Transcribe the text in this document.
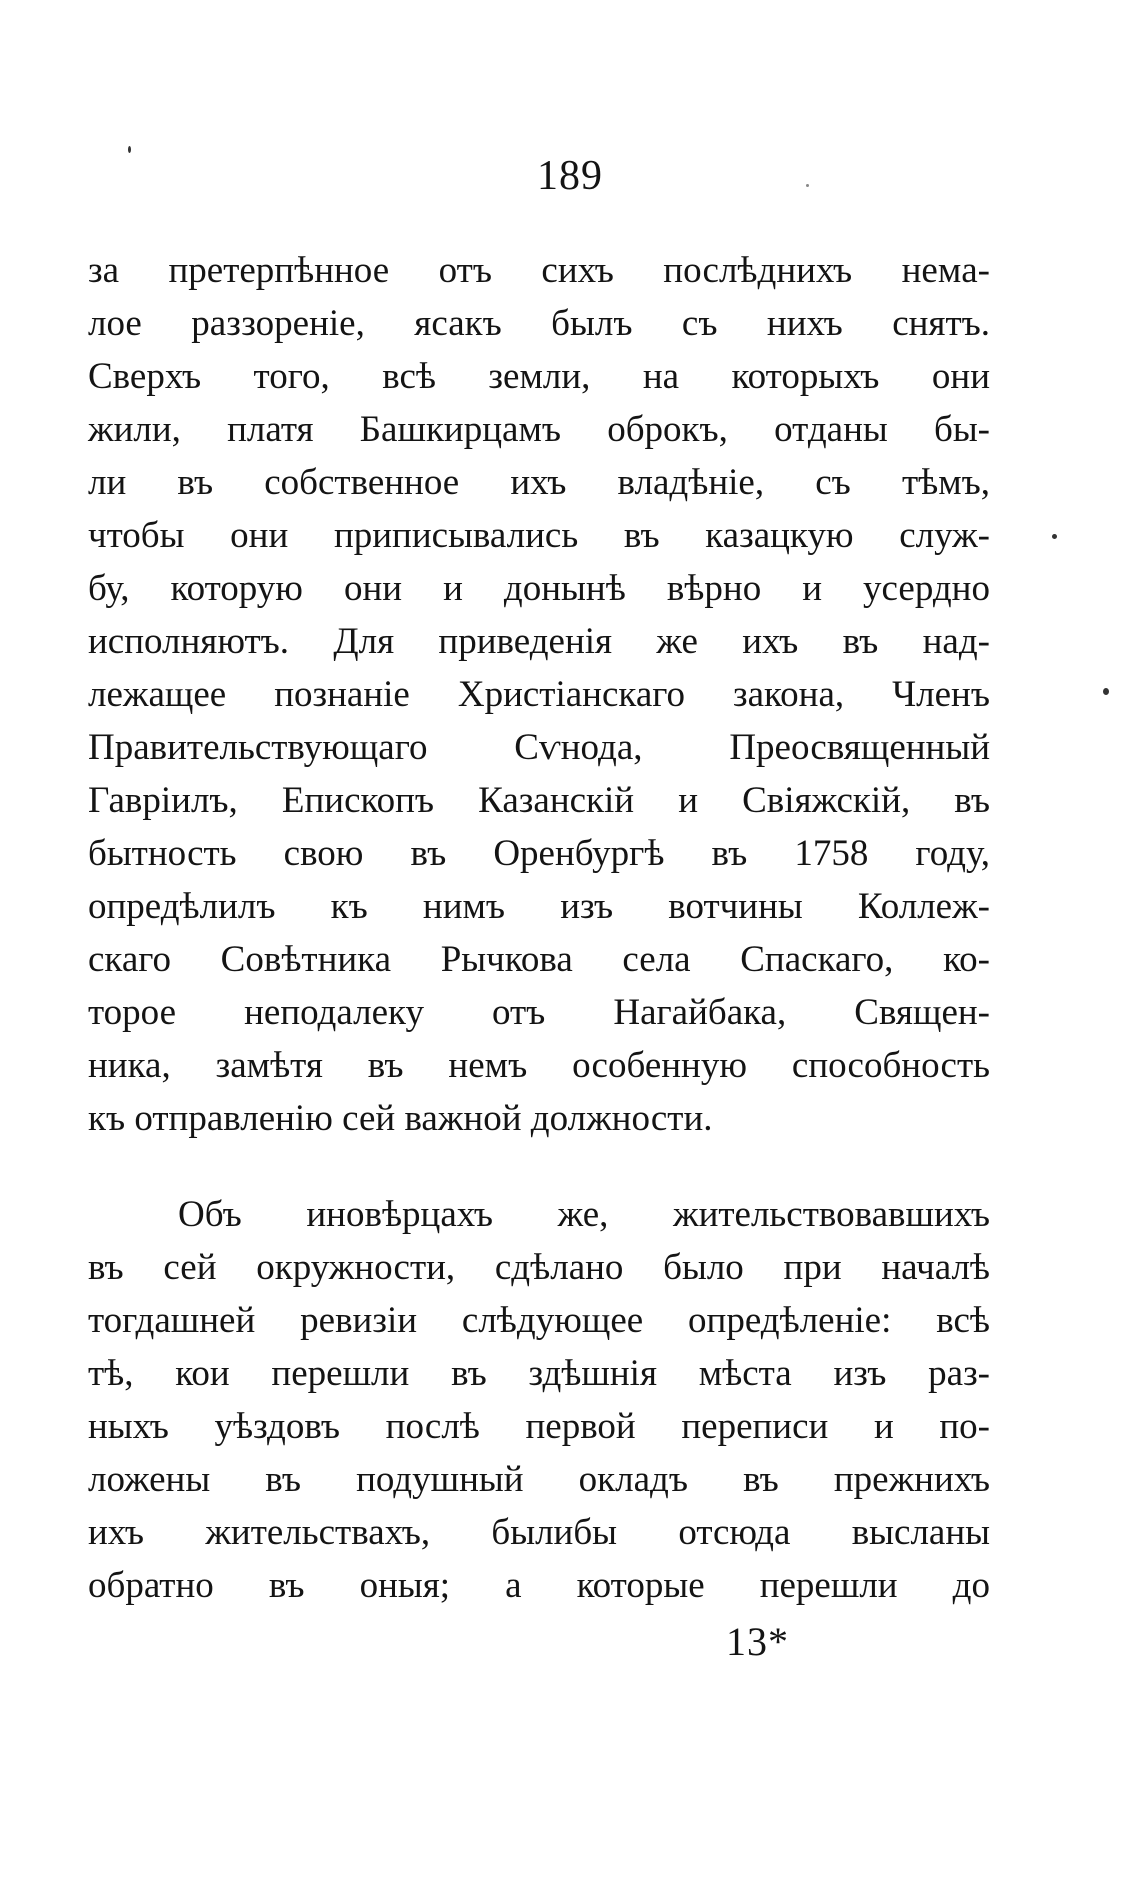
189
за претерпѣнное отъ сихъ послѣднихъ немa-
лое раззореніе, ясакъ былъ съ нихъ снятъ.
Сверхъ того, всѣ земли, на которыхъ они
жили, платя Башкирцамъ оброкъ, отданы бы-
ли въ собственное ихъ владѣніе, съ тѣмъ,
чтобы они приписывались въ казацкую служ-
бу, которую они и донынѣ вѣрно и усердно
исполняютъ. Для приведенія же ихъ въ над-
лежащее познаніе Христіанскаго закона, Членъ
Правительствующаго Сѵнода, Преосвященный
Гавріилъ, Епископъ Казанскій и Свіяжскій, въ
бытность свою въ Оренбургѣ въ 1758 году,
опредѣлилъ къ нимъ изъ вотчины Коллеж-
скаго Совѣтника Рычкова села Спаскаго, ко-
торое неподалеку отъ Нагайбака, Священ-
ника, замѣтя въ немъ особенную способность
къ отправленію сей важной должности.
Объ иновѣрцахъ же, жительствовавшихъ
въ сей окружности, сдѣлано было при началѣ
тогдашней ревизіи слѣдующее опредѣленіе: всѣ
тѣ, кои перешли въ здѣшнія мѣста изъ раз-
ныхъ уѣздовъ послѣ первой переписи и по-
ложены въ подушный окладъ въ прежнихъ
ихъ жительствахъ, былибы отсюда высланы
обратно въ оныя; а которые перешли до
13*
